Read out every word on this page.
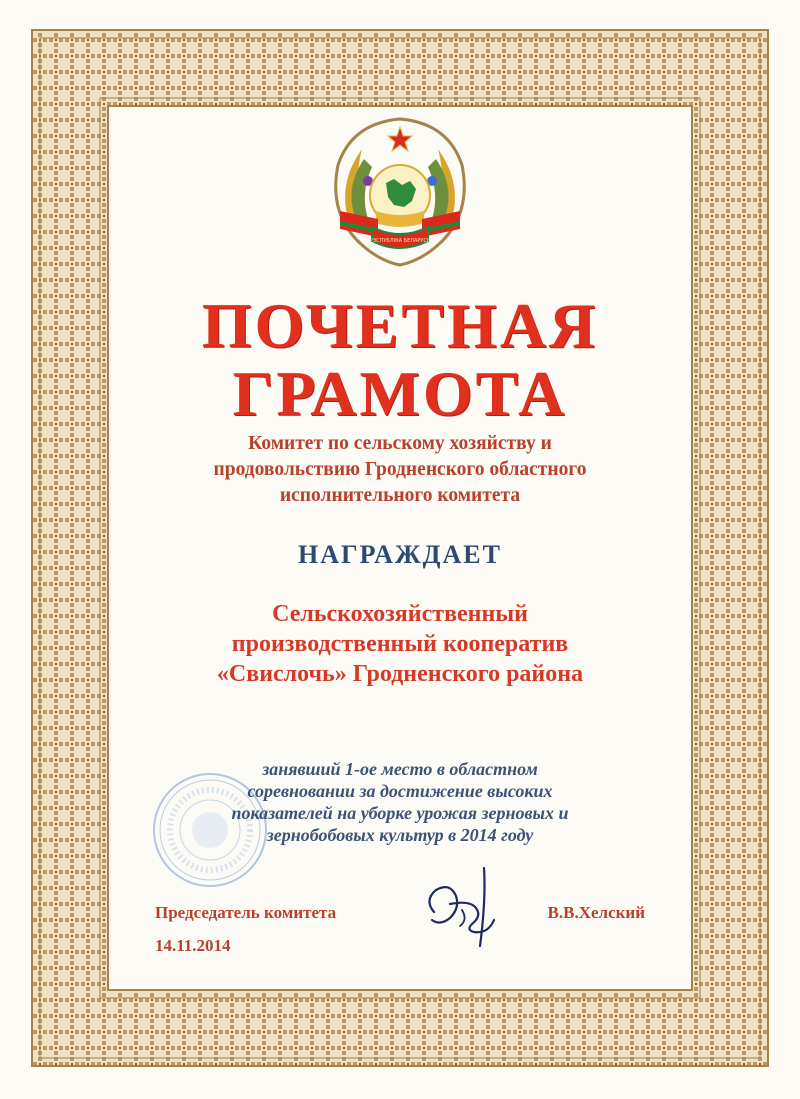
РЭСПУБЛІКА БЕЛАРУСЬ
ПОЧЕТНАЯ
ГРАМОТА

Комитет по сельскому хозяйству и

продовольствию Гродненского областного

исполнительного комитета

НАГРАЖДАЕТ

Сельскохозяйственный

производственный кооператив

«Свислочь» Гродненского района

занявший 1-ое место в областном

соревновании за достижение высоких

показателей на уборке урожая зерновых и

зернобобовых культур в 2014 году

Председатель комитета	В.В.Хелский

14.11.2014
